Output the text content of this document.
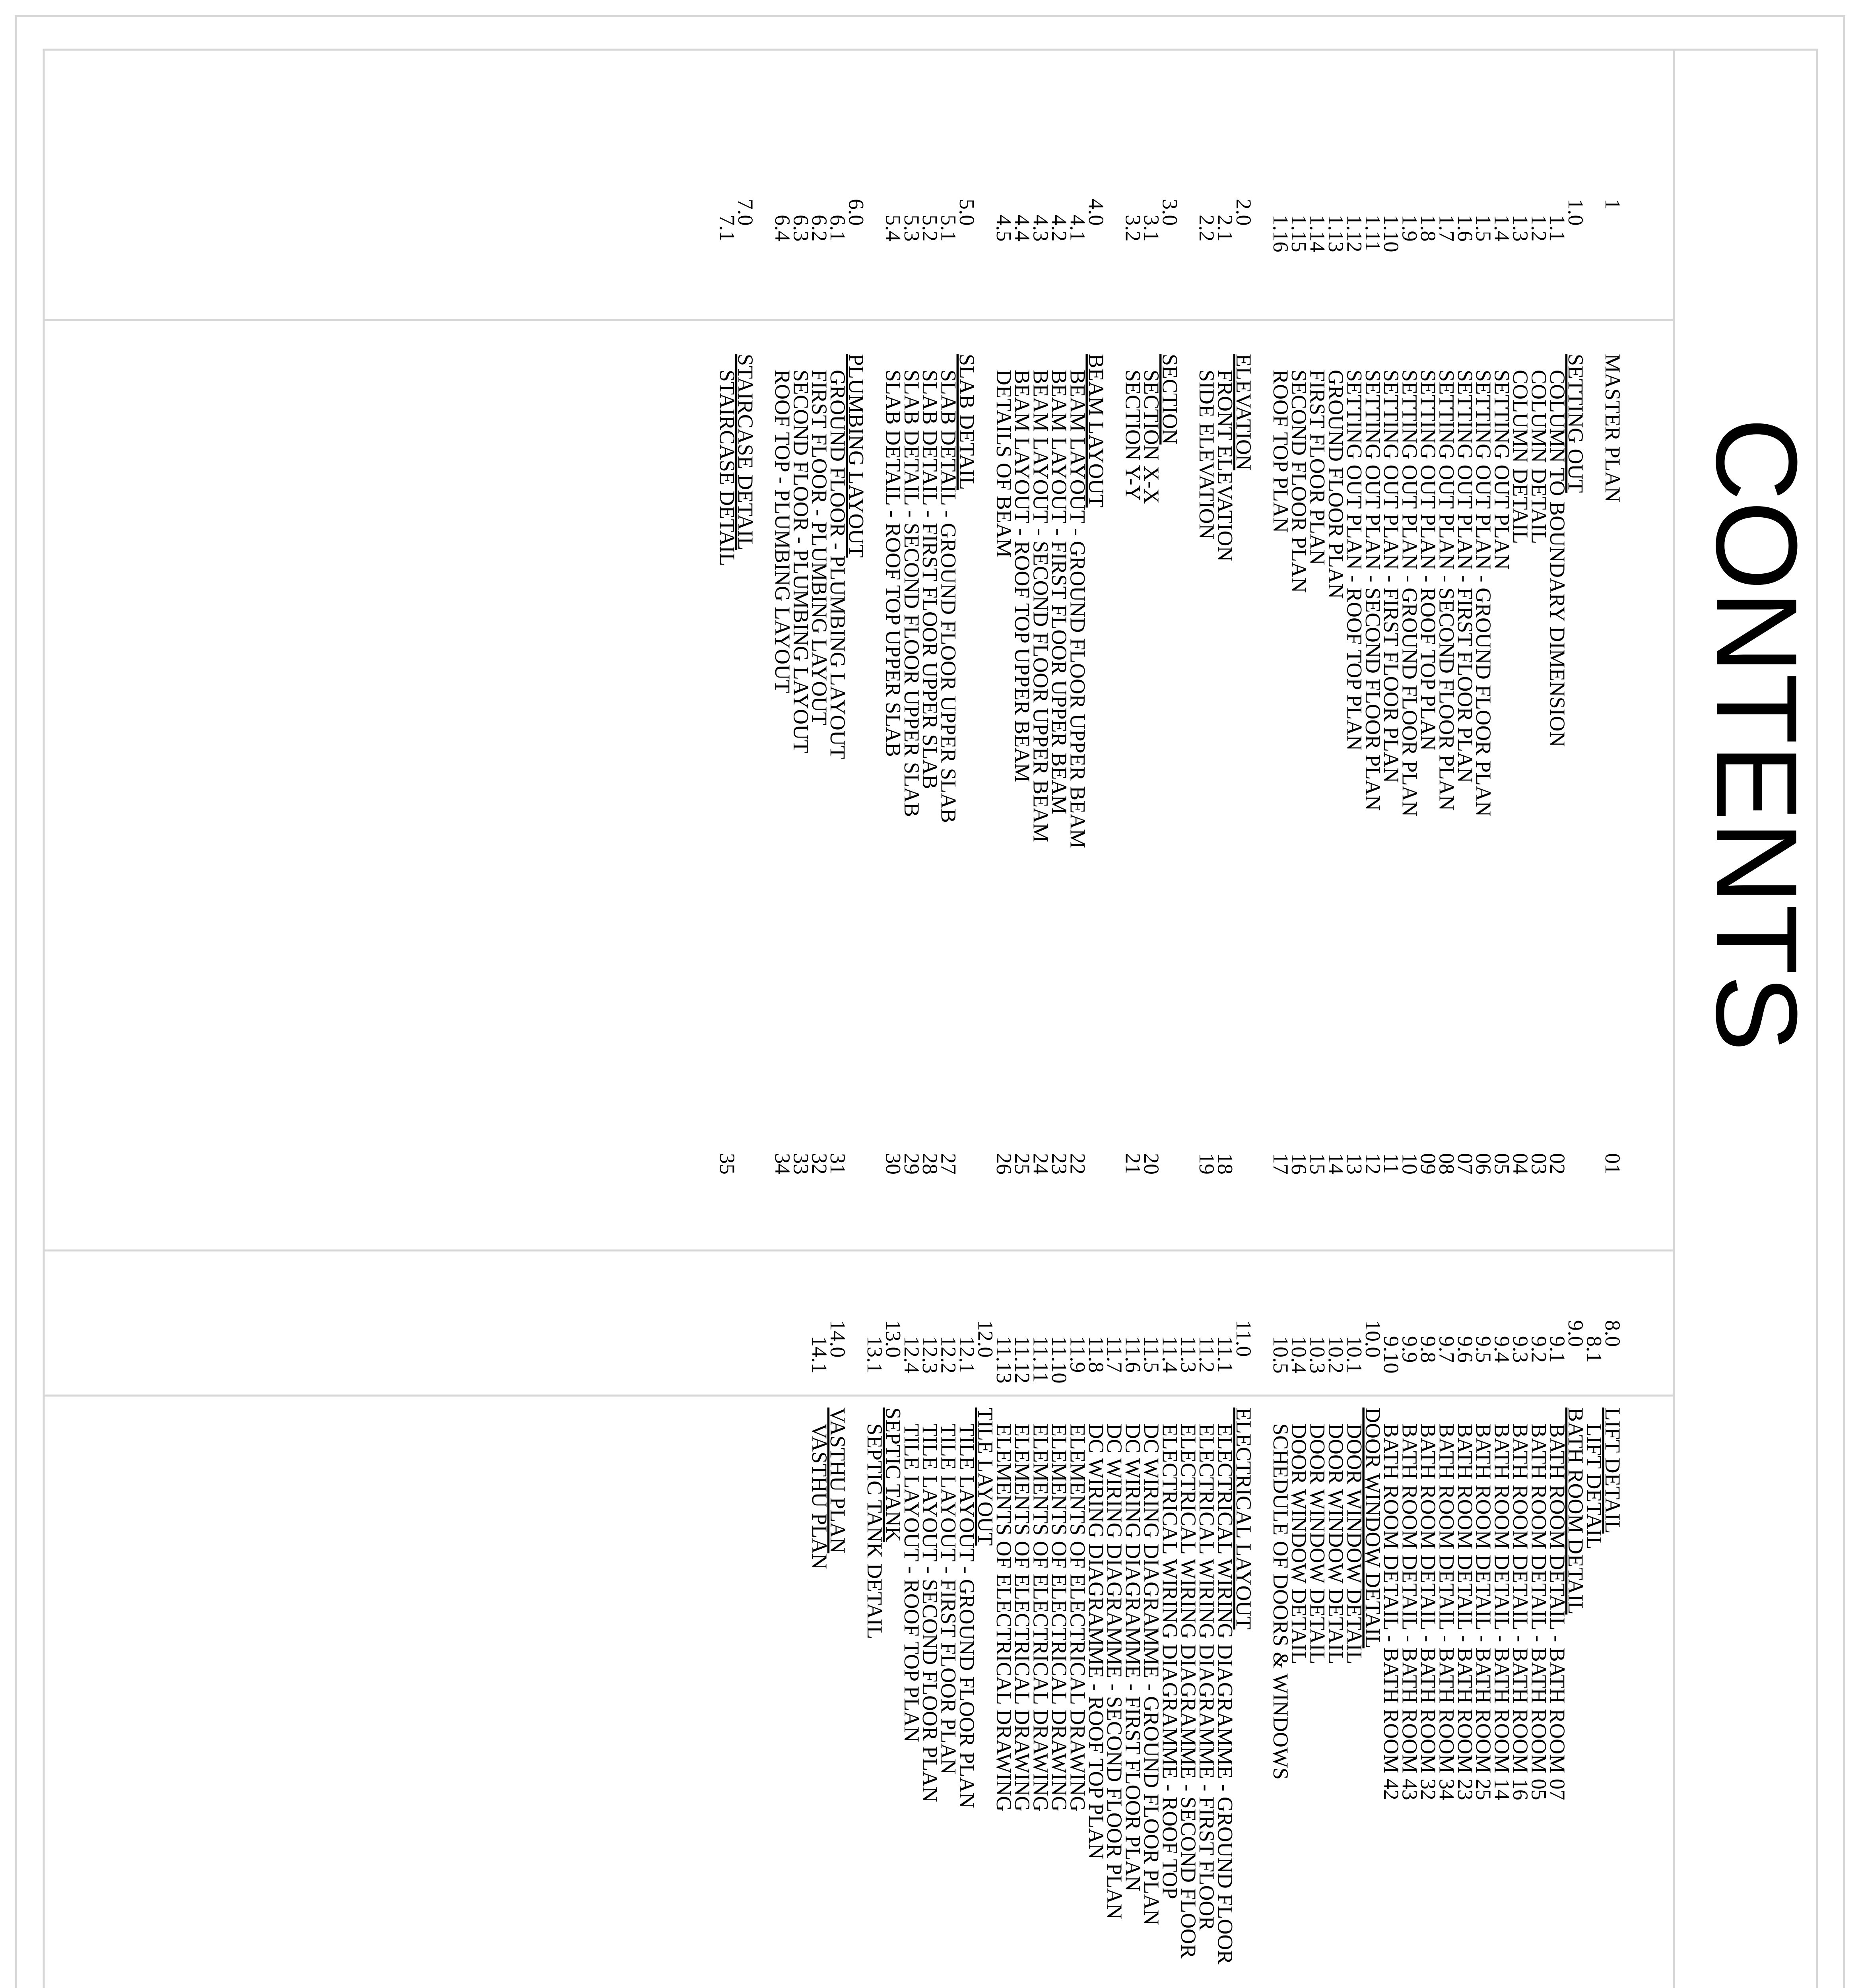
CONTENTS
1
MASTER PLAN
01
1.0
SETTING OUT
1.1
COLUMN TO BOUNDARY DIMENSION
02
1.2
COLUMN DETAIL
03
1.3
COLUMN DETAIL
04
1.4
SETTING OUT PLAN
05
1.5
SETTING OUT PLAN - GROUND FLOOR PLAN
06
1.6
SETTING OUT PLAN - FIRST FLOOR PLAN
07
1.7
SETTING OUT PLAN - SECOND FLOOR PLAN
08
1.8
SETTING OUT PLAN - ROOF TOP PLAN
09
1.9
SETTING OUT PLAN - GROUND FLOOR PLAN
10
1.10
SETTING OUT PLAN - FIRST FLOOR PLAN
11
1.11
SETTING OUT PLAN - SECOND FLOOR PLAN
12
1.12
SETTING OUT PLAN - ROOF TOP PLAN
13
1.13
GROUND FLOOR PLAN
14
1.14
FIRST FLOOR PLAN
15
1.15
SECOND FLOOR PLAN
16
1.16
ROOF TOP PLAN
17
2.0
ELEVATION
2.1
FRONT ELEVATION
18
2.2
SIDE ELEVATION
19
3.0
SECTION
3.1
SECTION X-X
20
3.2
SECTION Y-Y
21
4.0
BEAM LAYOUT
4.1
BEAM LAYOUT - GROUND FLOOR UPPER BEAM
22
4.2
BEAM LAYOUT - FIRST FLOOR UPPER BEAM
23
4.3
BEAM LAYOUT - SECOND FLOOR UPPER BEAM
24
4.4
BEAM LAYOUT - ROOF TOP UPPER BEAM
25
4.5
DETAILS OF BEAM
26
5.0
SLAB DETAIL
5.1
SLAB DETAIL - GROUND FLOOR UPPER SLAB
27
5.2
SLAB DETAIL - FIRST FLOOR UPPER SLAB
28
5.3
SLAB DETAIL - SECOND FLOOR UPPER SLAB
29
5.4
SLAB DETAIL - ROOF TOP UPPER SLAB
30
6.0
PLUMBING LAYOUT
6.1
GROUND FLOOR - PLUMBING LAYOUT
31
6.2
FIRST FLOOR - PLUMBING LAYOUT
32
6.3
SECOND FLOOR - PLUMBING LAYOUT
33
6.4
ROOF TOP - PLUMBING LAYOUT
34
7.0
STAIRCASE DETAIL
7.1
STAIRCASE DETAIL
35
8.0
LIFT DETAIL
8.1
LIFT DETAIL
9.0
BATH ROOM DETAIL
9.1
BATH ROOM DETAIL - BATH ROOM 07
9.2
BATH ROOM DETAIL - BATH ROOM 05
9.3
BATH ROOM DETAIL - BATH ROOM 16
9.4
BATH ROOM DETAIL - BATH ROOM 14
9.5
BATH ROOM DETAIL - BATH ROOM 25
9.6
BATH ROOM DETAIL - BATH ROOM 23
9.7
BATH ROOM DETAIL - BATH ROOM 34
9.8
BATH ROOM DETAIL - BATH ROOM 32
9.9
BATH ROOM DETAIL - BATH ROOM 43
9.10
BATH ROOM DETAIL - BATH ROOM 42
10.0
DOOR WINDOW DETAIL
10.1
DOOR WINDOW DETAIL
10.2
DOOR WINDOW DETAIL
10.3
DOOR WINDOW DETAIL
10.4
DOOR WINDOW DETAIL
10.5
SCHEDULE OF DOORS & WINDOWS
11.0
ELECTRICAL LAYOUT
11.1
ELECTRICAL WIRING DIAGRAMME - GROUND FLOOR
11.2
ELECTRICAL WIRING DIAGRAMME - FIRST FLOOR
11.3
ELECTRICAL WIRING DIAGRAMME - SECOND FLOOR
11.4
ELECTRICAL WIRING DIAGRAMME - ROOF TOP
11.5
DC WIRING DIAGRAMME - GROUND FLOOR PLAN
11.6
DC WIRING DIAGRAMME - FIRST FLOOR PLAN
11.7
DC WIRING DIAGRAMME - SECOND FLOOR PLAN
11.8
DC WIRING DIAGRAMME - ROOF TOP PLAN
11.9
ELEMENTS OF ELECTRICAL DRAWING
11.10
ELEMENTS OF ELECTRICAL DRAWING
11.11
ELEMENTS OF ELECTRICAL DRAWING
11.12
ELEMENTS OF ELECTRICAL DRAWING
11.13
ELEMENTS OF ELECTRICAL DRAWING
12.0
TILE LAYOUT
12.1
TILE LAYOUT - GROUND FLOOR PLAN
12.2
TILE LAYOUT - FIRST FLOOR PLAN
12.3
TILE LAYOUT - SECOND FLOOR PLAN
12.4
TILE LAYOUT - ROOF TOP PLAN
13.0
SEPTIC TANK
13.1
SEPTIC TANK DETAIL
14.0
VASTHU PLAN
14.1
VASTHU PLAN
